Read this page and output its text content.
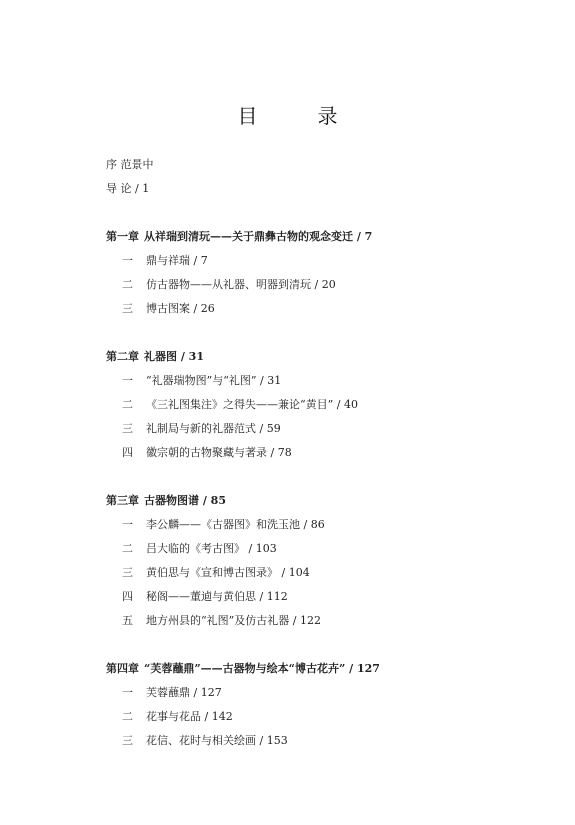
目　录
序 范景中
导 论 / 1
第一章 从祥瑞到清玩——关于鼎彝古物的观念变迁 / 7
一 鼎与祥瑞 / 7
二 仿古器物——从礼器、明器到清玩 / 20
三 博古图案 / 26
第二章 礼器图 / 31
一 “礼器瑞物图”与“礼图” / 31
二 《三礼图集注》之得失——兼论“黄目” / 40
三 礼制局与新的礼器范式 / 59
四 徽宗朝的古物聚藏与著录 / 78
第三章 古器物图谱 / 85
一 李公麟——《古器图》和洗玉池 / 86
二 吕大临的《考古图》 / 103
三 黄伯思与《宣和博古图录》 / 104
四 秘阁——董逌与黄伯思 / 112
五 地方州县的“礼图”及仿古礼器 / 122
第四章 “芙蓉蘸鼎”——古器物与绘本“博古花卉” / 127
一 芙蓉蘸鼎 / 127
二 花事与花品 / 142
三 花信、花时与相关绘画 / 153
